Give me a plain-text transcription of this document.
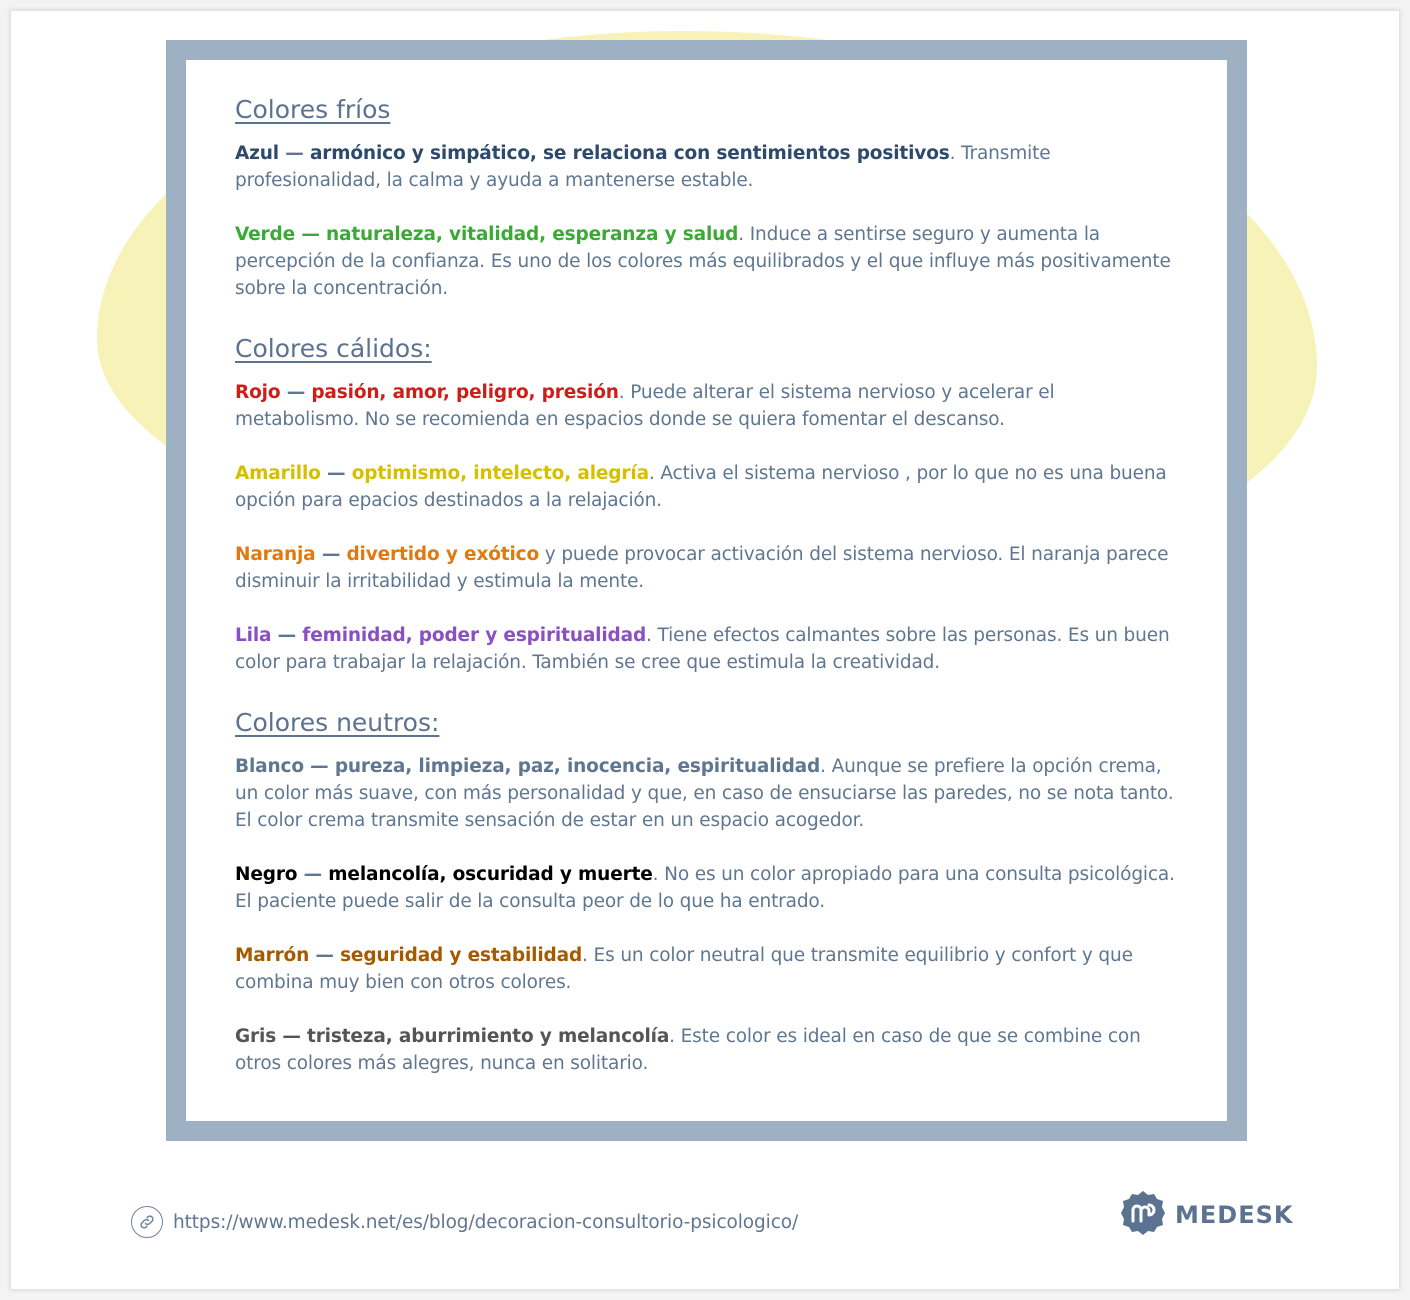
Colores fríos

Azul — armónico y simpático, se relaciona con sentimientos positivos. Transmite profesionalidad, la calma y ayuda a mantenerse estable.

Verde — naturaleza, vitalidad, esperanza y salud. Induce a sentirse seguro y aumenta la percepción de la confianza. Es uno de los colores más equilibrados y el que influye más positivamente sobre la concentración.

Colores cálidos:

Rojo — pasión, amor, peligro, presión. Puede alterar el sistema nervioso y acelerar el metabolismo. No se recomienda en espacios donde se quiera fomentar el descanso.

Amarillo — optimismo, intelecto, alegría. Activa el sistema nervioso , por lo que no es una buena opción para epacios destinados a la relajación.

Naranja — divertido y exótico y puede provocar activación del sistema nervioso. El naranja parece disminuir la irritabilidad y estimula la mente.

Lila — feminidad, poder y espiritualidad. Tiene efectos calmantes sobre las personas. Es un buen color para trabajar la relajación. También se cree que estimula la creatividad.

Colores neutros:

Blanco — pureza, limpieza, paz, inocencia, espiritualidad. Aunque se prefiere la opción crema, un color más suave, con más personalidad y que, en caso de ensuciarse las paredes, no se nota tanto. El color crema transmite sensación de estar en un espacio acogedor.

Negro — melancolía, oscuridad y muerte. No es un color apropiado para una consulta psicológica. El paciente puede salir de la consulta peor de lo que ha entrado.

Marrón — seguridad y estabilidad. Es un color neutral que transmite equilibrio y confort y que combina muy bien con otros colores.

Gris — tristeza, aburrimiento y melancolía. Este color es ideal en caso de que se combine con otros colores más alegres, nunca en solitario.

https://www.medesk.net/es/blog/decoracion-consultorio-psicologico/	MEDESK
